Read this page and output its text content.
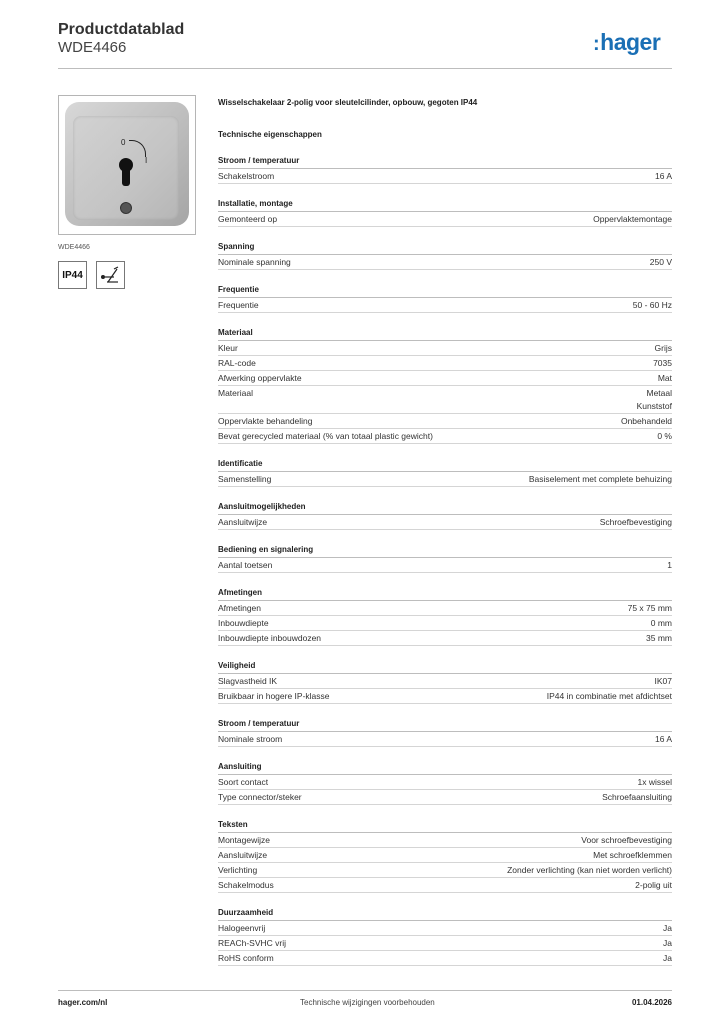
Productdatablad
WDE4466	:hager
0
I
WDE4466
IP44
Wisselschakelaar 2-polig voor sleutelcilinder, opbouw, gegoten IP44
Technische eigenschappen
Stroom / temperatuur
Schakelstroom	16 A
Installatie, montage
Gemonteerd op	Oppervlaktemontage
Spanning
Nominale spanning	250 V
Frequentie
Frequentie	50 - 60 Hz
Materiaal
Kleur	Grijs
RAL-code	7035
Afwerking oppervlakte	Mat
Materiaal	Metaal
Kunststof
Oppervlakte behandeling	Onbehandeld
Bevat gerecycled materiaal (% van totaal plastic gewicht)	0 %
Identificatie
Samenstelling	Basiselement met complete behuizing
Aansluitmogelijkheden
Aansluitwijze	Schroefbevestiging
Bediening en signalering
Aantal toetsen	1
Afmetingen
Afmetingen	75 x 75 mm
Inbouwdiepte	0 mm
Inbouwdiepte inbouwdozen	35 mm
Veiligheid
Slagvastheid IK	IK07
Bruikbaar in hogere IP-klasse	IP44 in combinatie met afdichtset
Stroom / temperatuur
Nominale stroom	16 A
Aansluiting
Soort contact	1x wissel
Type connector/steker	Schroefaansluiting
Teksten
Montagewijze	Voor schroefbevestiging
Aansluitwijze	Met schroefklemmen
Verlichting	Zonder verlichting (kan niet worden verlicht)
Schakelmodus	2-polig uit
Duurzaamheid
Halogeenvrij	Ja
REACh-SVHC vrij	Ja
RoHS conform	Ja
hager.com/nl	Technische wijzigingen voorbehouden	01.04.2026
